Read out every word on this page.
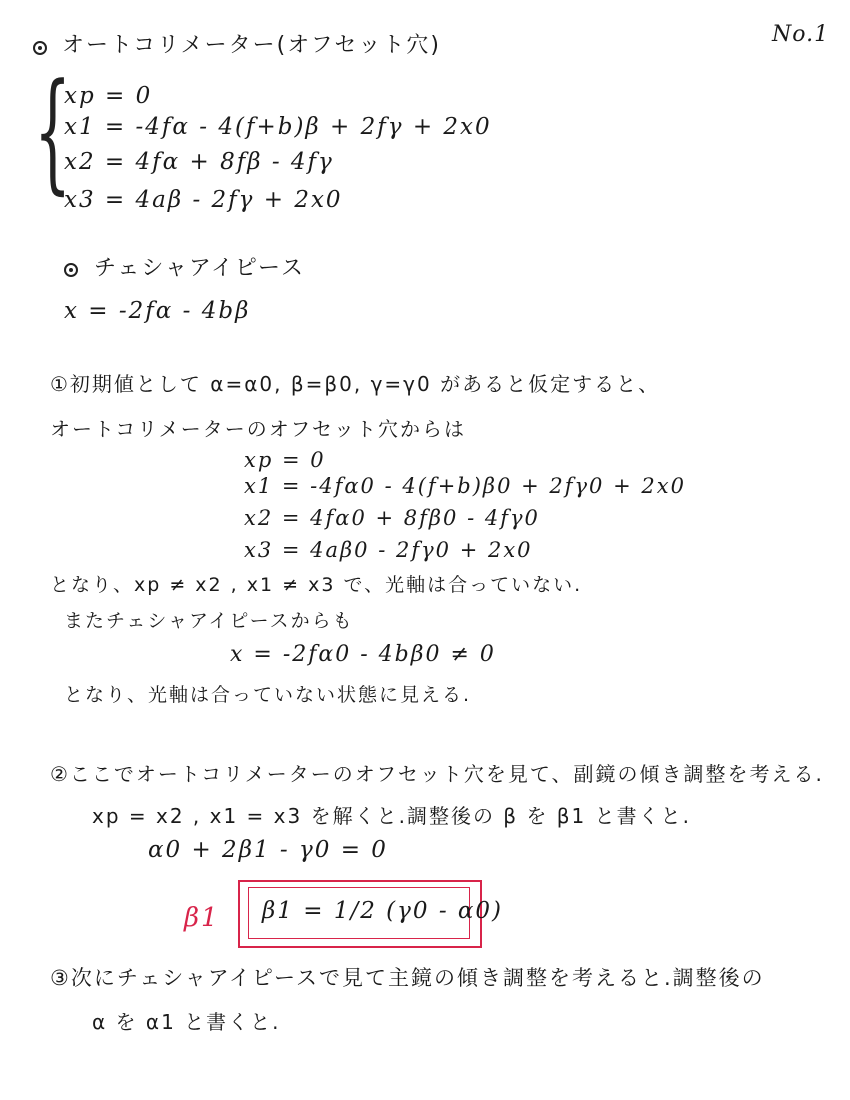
No.1
オートコリメーター(オフセット穴)
{
xp = 0
x1 = -4fα - 4(f+b)β + 2fγ + 2x0
x2 = 4fα + 8fβ - 4fγ
x3 = 4aβ - 2fγ + 2x0
チェシャアイピース
x = -2fα - 4bβ
①初期値として α=α0, β=β0, γ=γ0 があると仮定すると、
オートコリメーターのオフセット穴からは
xp = 0
x1 = -4fα0 - 4(f+b)β0 + 2fγ0 + 2x0
x2 = 4fα0 + 8fβ0 - 4fγ0
x3 = 4aβ0 - 2fγ0 + 2x0
となり、xp ≠ x2 , x1 ≠ x3 で、光軸は合っていない.
またチェシャアイピースからも
x = -2fα0 - 4bβ0 ≠ 0
となり、光軸は合っていない状態に見える.
②ここでオートコリメーターのオフセット穴を見て、副鏡の傾き調整を考える.
xp = x2 , x1 = x3 を解くと.調整後の β を β1 と書くと.
α0 + 2β1 - γ0 = 0
β1 β1 = 1/2 (γ0 - α0)
③次にチェシャアイピースで見て主鏡の傾き調整を考えると.調整後の
α を α1 と書くと.
